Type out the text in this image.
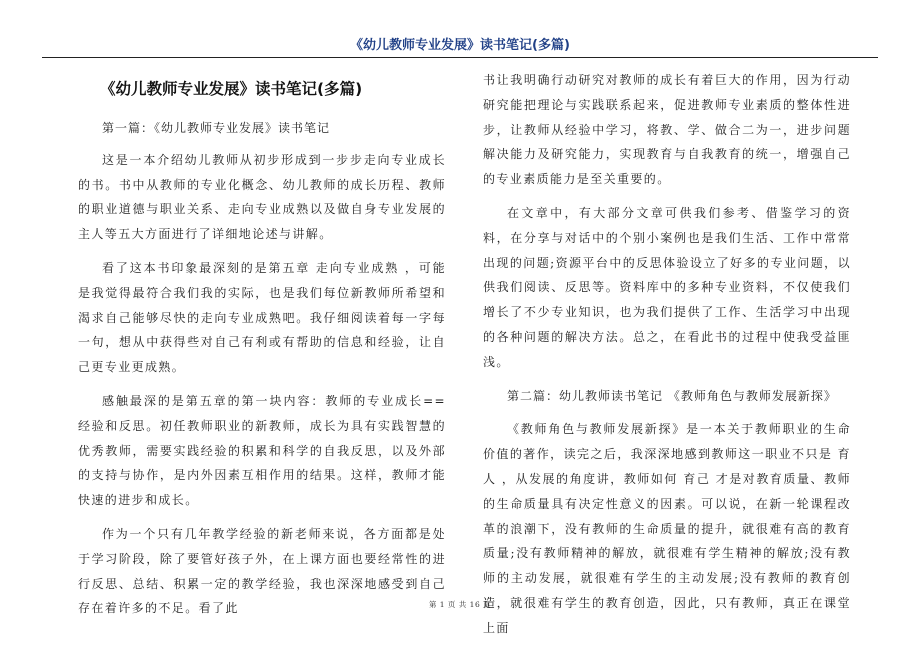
《幼儿教师专业发展》读书笔记(多篇)
《幼儿教师专业发展》读书笔记(多篇)

第一篇：《幼儿教师专业发展》读书笔记

这是一本介绍幼儿教师从初步形成到一步步走向专业成长的书。书中从教师的专业化概念、幼儿教师的成长历程、教师的职业道德与职业关系、走向专业成熟以及做自身专业发展的主人等五大方面进行了详细地论述与讲解。

看了这本书印象最深刻的是第五章 走向专业成熟 ，可能是我觉得最符合我们我的实际，也是我们每位新教师所希望和渴求自己能够尽快的走向专业成熟吧。我仔细阅读着每一字每一句，想从中获得些对自己有利或有帮助的信息和经验，让自己更专业更成熟。

感触最深的是第五章的第一块内容：教师的专业成长==经验和反思。初任教师职业的新教师，成长为具有实践智慧的优秀教师，需要实践经验的积累和科学的自我反思，以及外部的支持与协作，是内外因素互相作用的结果。这样，教师才能快速的进步和成长。

作为一个只有几年教学经验的新老师来说，各方面都是处于学习阶段，除了要管好孩子外，在上课方面也要经常性的进行反思、总结、积累一定的教学经验，我也深深地感受到自己存在着许多的不足。看了此

书让我明确行动研究对教师的成长有着巨大的作用，因为行动研究能把理论与实践联系起来，促进教师专业素质的整体性进步，让教师从经验中学习，将教、学、做合二为一，进步问题解决能力及研究能力，实现教育与自我教育的统一，增强自己的专业素质能力是至关重要的。

在文章中，有大部分文章可供我们参考、借鉴学习的资料，在分享与对话中的个别小案例也是我们生活、工作中常常出现的问题;资源平台中的反思体验设立了好多的专业问题，以供我们阅读、反思等。资料库中的多种专业资料，不仅使我们增长了不少专业知识，也为我们提供了工作、生活学习中出现的各种问题的解决方法。总之，在看此书的过程中使我受益匪浅。

第二篇：幼儿教师读书笔记 《教师角色与教师发展新探》

《教师角色与教师发展新探》是一本关于教师职业的生命价值的著作，读完之后，我深深地感到教师这一职业不只是 育人 ，从发展的角度讲，教师如何 育己 才是对教育质量、教师的生命质量具有决定性意义的因素。可以说，在新一轮课程改革的浪潮下，没有教师的生命质量的提升，就很难有高的教育质量;没有教师精神的解放，就很难有学生精神的解放;没有教师的主动发展，就很难有学生的主动发展;没有教师的教育创造，就很难有学生的教育创造，因此，只有教师，真正在课堂上面

第 1 页 共 16 页
